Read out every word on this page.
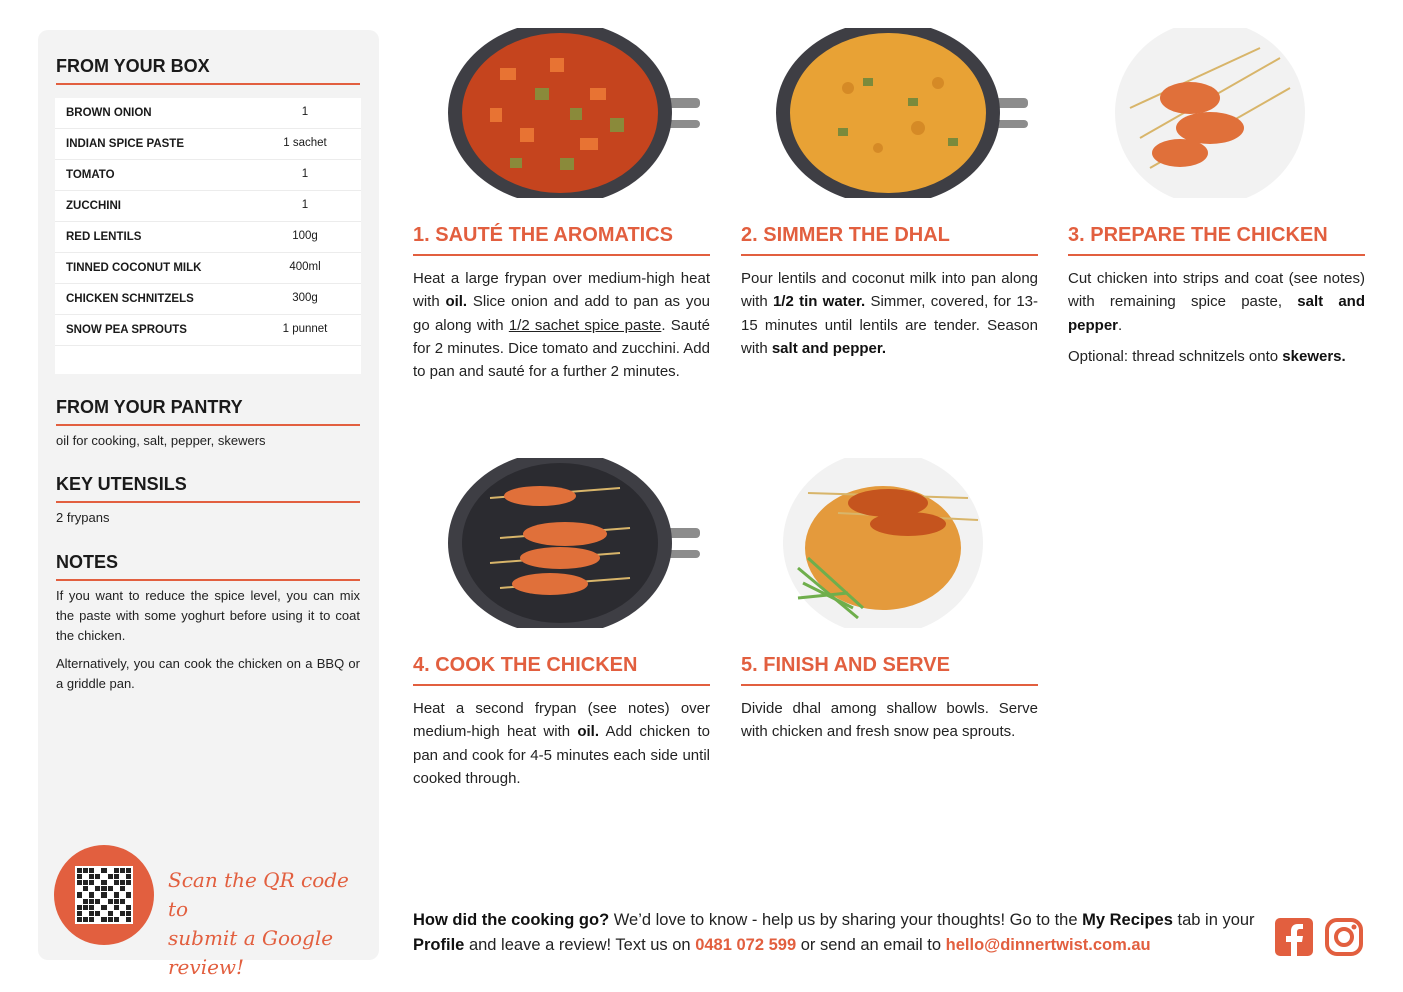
FROM YOUR BOX
BROWN ONION	1
INDIAN SPICE PASTE	1 sachet
TOMATO	1
ZUCCHINI	1
RED LENTILS	100g
TINNED COCONUT MILK	400ml
CHICKEN SCHNITZELS	300g
SNOW PEA SPROUTS	1 punnet
FROM YOUR PANTRY
oil for cooking, salt, pepper, skewers
KEY UTENSILS
2 frypans
NOTES

If you want to reduce the spice level, you can mix the paste with some yoghurt before using it to coat the chicken.

Alternatively, you can cook the chicken on a BBQ or a griddle pan.

Scan the QR code to
submit a Google review!
1. SAUTÉ THE AROMATICS

Heat a large frypan over medium-high heat with oil. Slice onion and add to pan as you go along with 1/2 sachet spice paste. Sauté for 2 minutes. Dice tomato and zucchini. Add to pan and sauté for a further 2 minutes.

2. SIMMER THE DHAL

Pour lentils and coconut milk into pan along with 1/2 tin water. Simmer, covered, for 13-15 minutes until lentils are tender. Season with salt and pepper.

3. PREPARE THE CHICKEN

Cut chicken into strips and coat (see notes) with remaining spice paste, salt and pepper.

Optional: thread schnitzels onto skewers.

4. COOK THE CHICKEN

Heat a second frypan (see notes) over medium-high heat with oil. Add chicken to pan and cook for 4-5 minutes each side until cooked through.

5. FINISH AND SERVE

Divide dhal among shallow bowls. Serve with chicken and fresh snow pea sprouts.

How did the cooking go? We’d love to know - help us by sharing your thoughts! Go to the My Recipes tab in your Profile and leave a review! Text us on 0481 072 599 or send an email to hello@dinnertwist.com.au
